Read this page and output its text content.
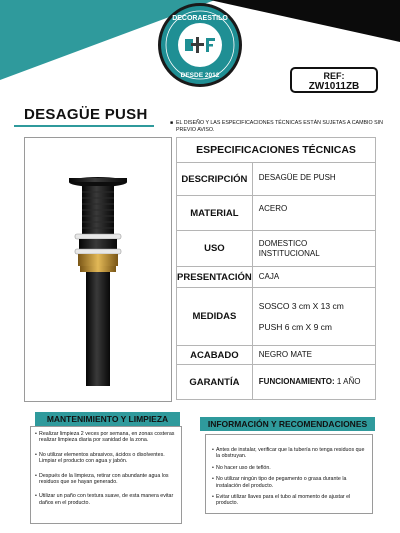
DECORAESTILO
DESDE 2012	REF:
ZW1011ZB
DESAGÜE PUSH	■ EL DISEÑO Y LAS ESPECIFICACIONES TÉCNICAS ESTÁN SUJETAS A CAMBIO SIN PREVIO AVISO.
ESPECIFICACIONES TÉCNICAS	
DESCRIPCIÓN	DESAGÜE DE PUSH
MATERIAL	ACERO
USO	DOMESTICO
INSTITUCIONAL

PRESENTACIÓN	CAJA
MEDIDAS	SOSCO 3 cm X 13 cm
PUSH 6 cm X 9 cm

ACABADO	NEGRO MATE
GARANTÍA	FUNCIONAMIENTO: 1 AÑO
MANTENIMIENTO Y LIMPIEZA
• Realizar limpieza 2 veces por semana, en zonas costeras realizar limpieza diaria por sanidad de la zona.
• No utilizar elementos abrasivos, ácidos o disolventes. Limpiar el producto con agua y jabón.
• Después de la limpieza, retirar con abundante agua los residuos que se hayan generado.
• Utilizar un paño con textura suave, de esta manera evitar daños en el producto.
INFORMACIÓN Y RECOMENDACIONES
• Antes de instalar, verificar que la tubería no tenga residuos que la obstruyan.
• No hacer uso de teflón.
• No utilizar ningún tipo de pegamento o grasa durante la instalación del producto.
• Evitar utilizar llaves para el tubo al momento de ajustar el producto.
